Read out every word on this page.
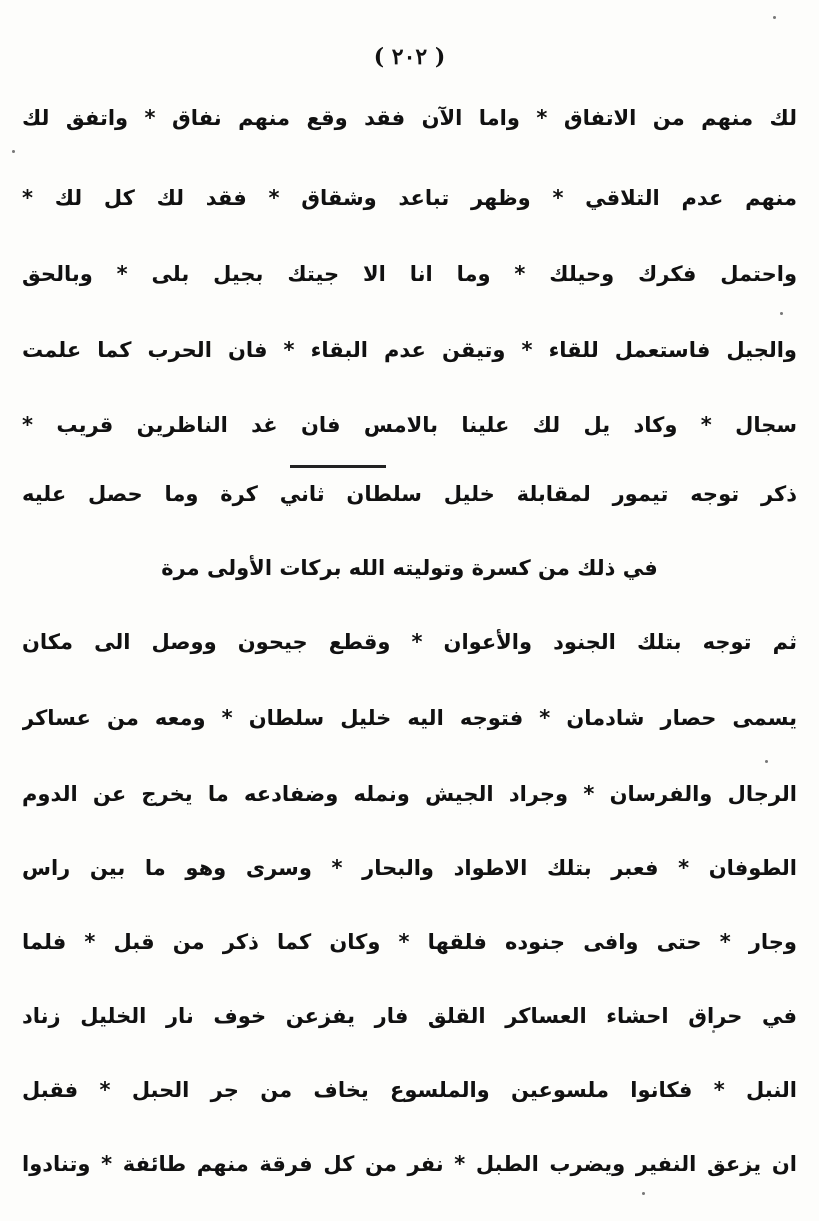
( ٢٠٢ )
لك منهم من الاتفاق * واما الآن فقد وقع منهم نفاق * واتفق لك
منهم عدم التلاقي * وظهر تباعد وشقاق * فقد لك كل لك *
واحتمل فكرك وحيلك * وما انا الا جيتك بجيل بلى * وبالحق
والجيل فاستعمل للقاء * وتيقن عدم البقاء * فان الحرب كما علمت
سجال * وكاد يل لك علينا بالامس فان غد الناظرين قريب *
ذكر توجه تيمور لمقابلة خليل سلطان ثاني كرة وما حصل عليه
في ذلك من كسرة وتوليته الله بركات الأولى مرة
ثم توجه بتلك الجنود والأعوان * وقطع جيحون ووصل الى مكان
يسمى حصار شادمان * فتوجه اليه خليل سلطان * ومعه من عساكر
الرجال والفرسان * وجراد الجيش ونمله وضفادعه ما يخرج عن الدوم
الطوفان * فعبر بتلك الاطواد والبحار * وسرى وهو ما بين راس
وجار * حتى وافى جنوده فلقها * وكان كما ذكر من قبل * فلما
في حراق احشاء العساكر القلق فار يفزعن خوف نار الخليل زناد
النبل * فكانوا ملسوعين والملسوع يخاف من جر الحبل * فقبل
ان يزعق النفير ويضرب الطبل * نفر من كل فرقة منهم طائفة * وتنادوا
